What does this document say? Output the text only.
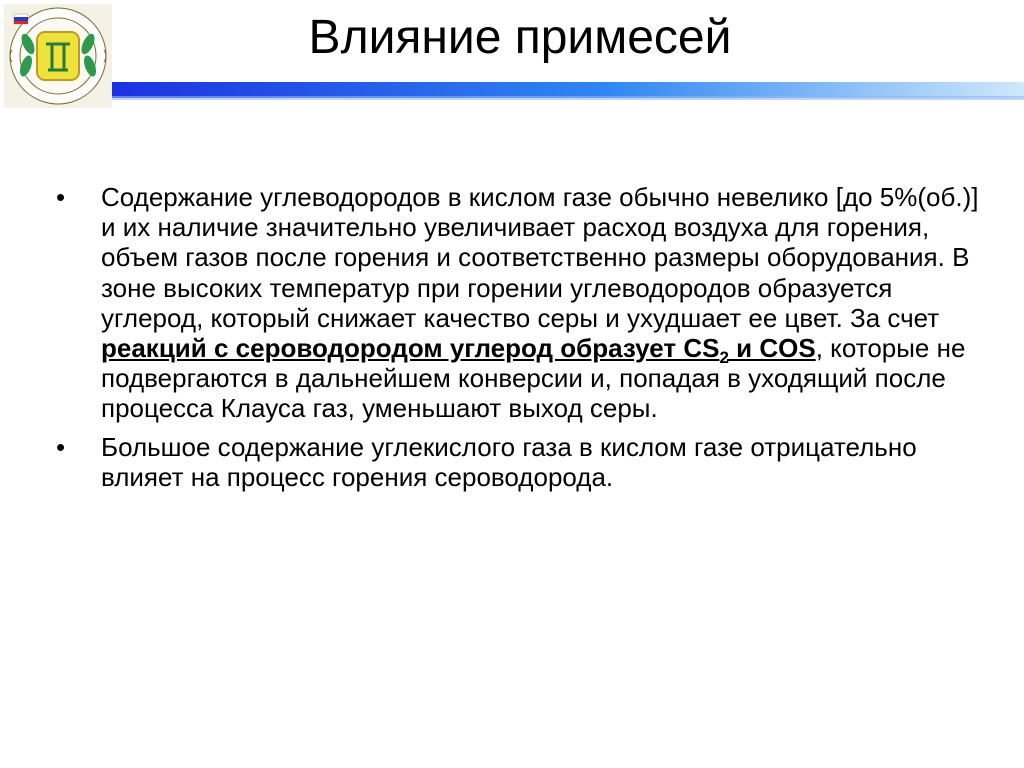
Влияние примесей
•	Содержание углеводородов в кислом газе обычно невелико [до 5%(об.)] и их наличие значительно увеличивает расход воздуха для горения, объем газов после горения и соответственно размеры оборудования. В зоне высоких температур при горении углеводородов образуется углерод, который снижает качество серы и ухудшает ее цвет. За счет реакций с сероводородом углерод образует $CS_2$ и COS, которые не подвергаются в дальнейшем конверсии и, попадая в уходящий после процесса Клауса газ, уменьшают выход серы.
•	Большое содержание углекислого газа в кислом газе отрицательно влияет на процесс горения сероводорода.
